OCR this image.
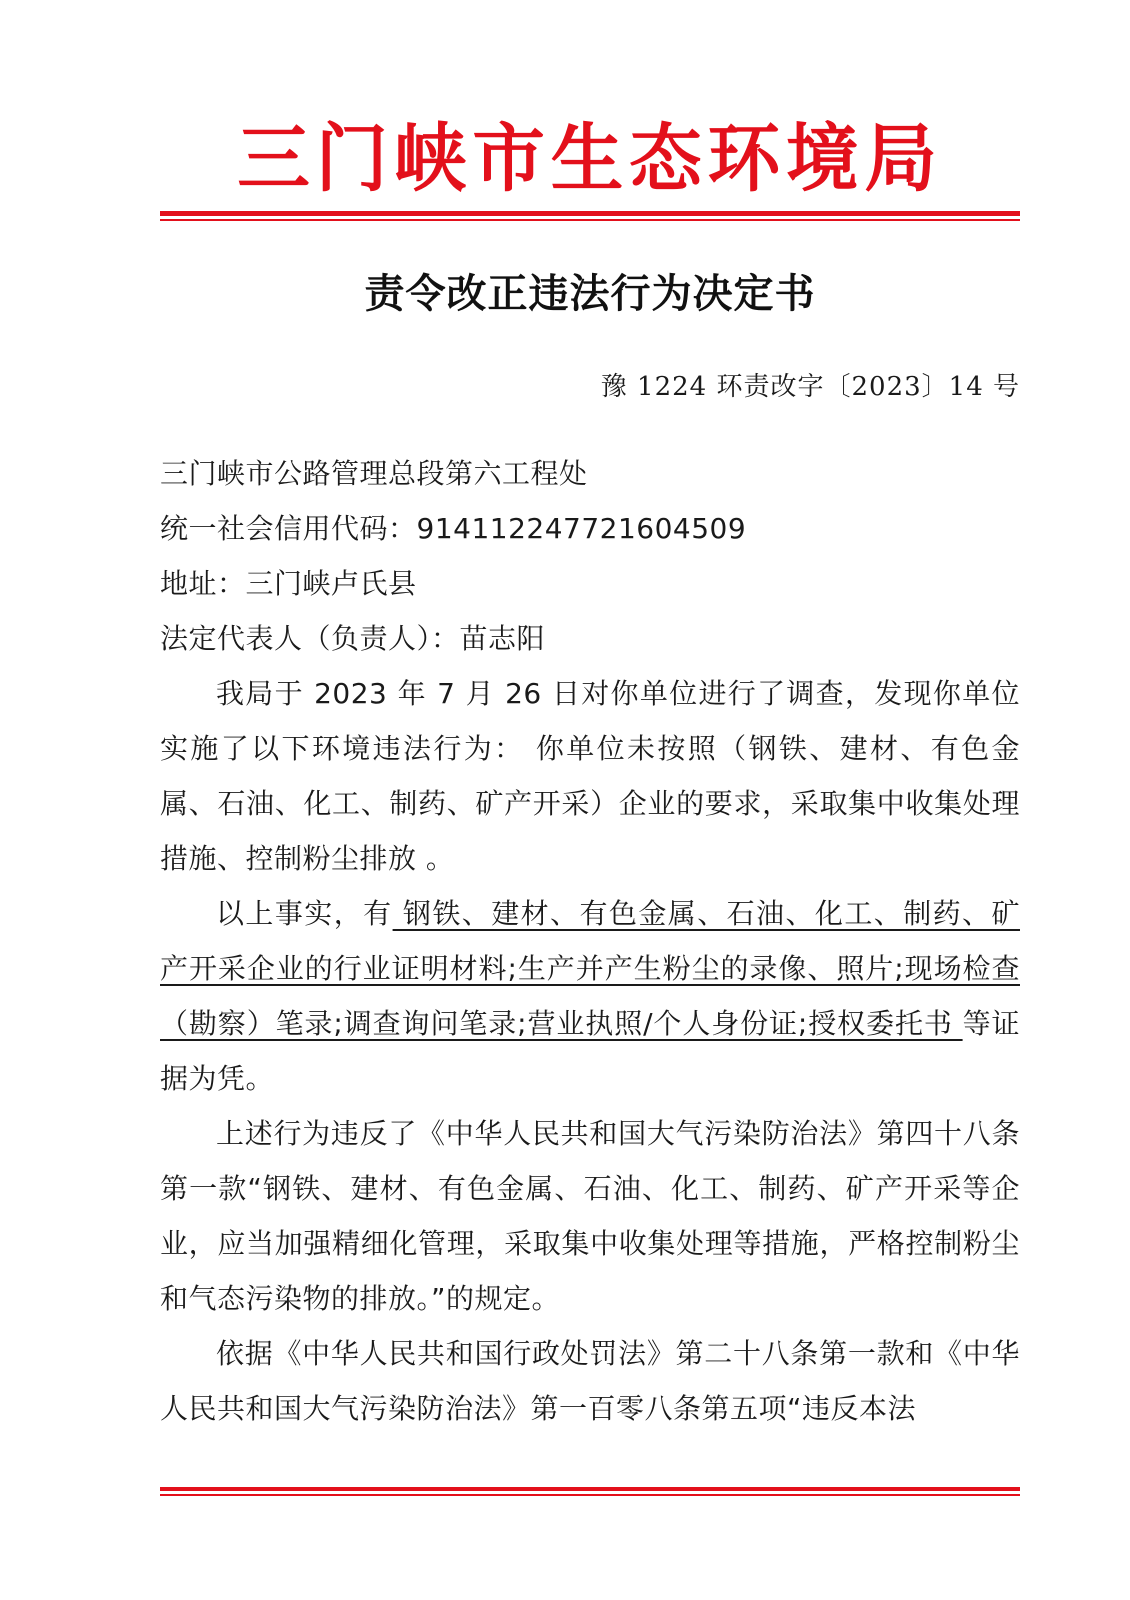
三门峡市生态环境局
责令改正违法行为决定书
豫 1224 环责改字〔2023〕14 号

三门峡市公路管理总段第六工程处

统一社会信用代码：914112247721604509

地址：三门峡卢氏县

法定代表人（负责人）：苗志阳

我局于 2023 年 7 月 26 日对你单位进行了调查，发现你单位实施了以下环境违法行为： 你单位未按照（钢铁、建材、有色金属、石油、化工、制药、矿产开采）企业的要求，采取集中收集处理措施、控制粉尘排放 。

以上事实，有 钢铁、建材、有色金属、石油、化工、制药、矿产开采企业的行业证明材料;生产并产生粉尘的录像、照片;现场检查（勘察）笔录;调查询问笔录;营业执照/个人身份证;授权委托书 等证据为凭。

上述行为违反了《中华人民共和国大气污染防治法》第四十八条第一款“钢铁、建材、有色金属、石油、化工、制药、矿产开采等企业，应当加强精细化管理，采取集中收集处理等措施，严格控制粉尘和气态污染物的排放。”的规定。

依据《中华人民共和国行政处罚法》第二十八条第一款和《中华人民共和国大气污染防治法》第一百零八条第五项“违反本法
